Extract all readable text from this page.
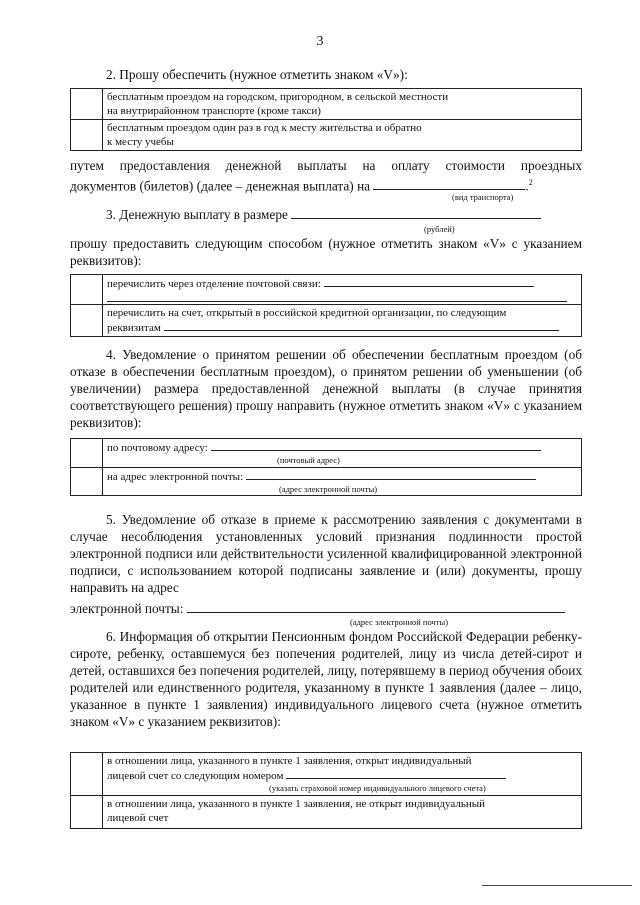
3
2. Прошу обеспечить (нужное отметить знаком «V»):

	бесплатным проездом на городском, пригородном, в сельской местности
на внутрирайонном транспорте (кроме такси)

	бесплатным проездом один раз в год к месту жительства и обратно
к месту учебы
путем предоставления денежной выплаты на оплату стоимости проездных
документов (билетов) (далее – денежная выплата) на	.$^2$
(вид транспорта)
3. Денежную выплату в размере
(рублей)
прошу предоставить следующим способом (нужное отметить знаком «V» с указанием реквизитов):
	перечислить через отделение почтовой связи:

	перечислить на счет, открытый в российской кредитной организации, по следующим
реквизитам
4. Уведомление о принятом решении об обеспечении бесплатным проездом (об отказе в обеспечении бесплатным проездом), о принятом решении об уменьшении (об увеличении) размера предоставленной денежной выплаты (в случае принятия соответствующего решения) прошу направить (нужное отметить знаком «V» с указанием реквизитов):
	по почтовому адресу:
(почтовый адрес)

	на адрес электронной почты:
(адрес электронной почты)
5. Уведомление об отказе в приеме к рассмотрению заявления с документами в случае несоблюдения установленных условий признания подлинности простой электронной подписи или действительности усиленной квалифицированной электронной подписи, с использованием которой подписаны заявление и (или) документы, прошу направить на адрес
электронной почты:
(адрес электронной почты)
6. Информация об открытии Пенсионным фондом Российской Федерации ребенку-сироте, ребенку, оставшемуся без попечения родителей, лицу из числа детей-сирот и детей, оставшихся без попечения родителей, лицу, потерявшему в период обучения обоих родителей или единственного родителя, указанному в пункте 1 заявления (далее – лицо, указанное в пункте 1 заявления) индивидуального лицевого счета (нужное отметить знаком «V» с указанием реквизитов):

	в отношении лица, указанного в пункте 1 заявления, открыт индивидуальный
лицевой счет со следующим номером
(указать страховой номер индивидуального лицевого счета)

	в отношении лица, указанного в пункте 1 заявления, не открыт индивидуальный
лицевой счет
